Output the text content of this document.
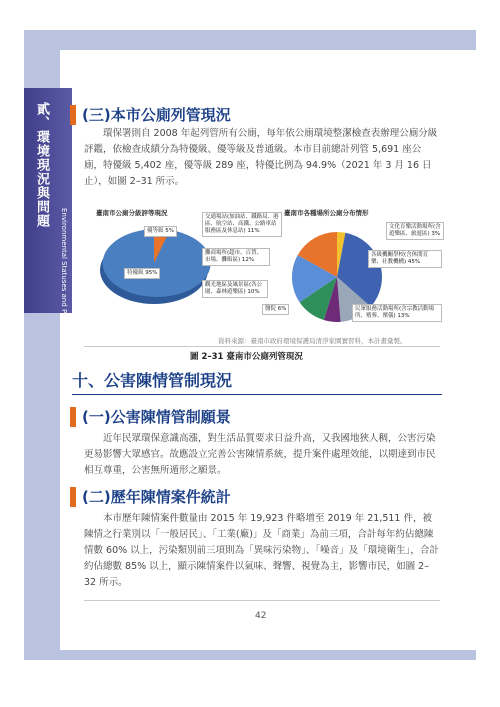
貳、環境現況與問題
Environmental Statuses and Problems
(三)本市公廁列管現況
環保署則自 2008 年起列管所有公廁，每年依公廁環境整潔檢查表辦理公廁分級評鑑，依檢查成績分為特優級、優等級及普通級。本市目前總計列管 5,691 座公廁，特優級 5,402 座，優等級 289 座，特優比例為 94.9%（2021 年 3 月 16 日止），如圖 2–31 所示。
臺南市公廁分級評等現況
特優級 95%
優等級 5%
臺南市各種場所公廁分布情形
文化育樂活動場所(含遊樂區、旅遊區) 3%
各級機關學校(含休閒育樂、社教機構) 45%
民眾服務活動場所(含宗教活動場所、殯葬、殯儀) 13%
醫院 6%
觀光地區及風景區(各公園、森林遊樂區) 10%
攤商場所(超市、百貨、市場、攤販區) 12%
交通場站(加油站、鐵路局、港區、航空站、高鐵、公路車站服務區及休息站) 11%
資料來源：臺南市政府環境保護局清淨家園實習科，本計畫彙製。
圖 2–31 臺南市公廁列管現況
十、公害陳情管制現況
(一)公害陳情管制願景
近年民眾環保意識高漲，對生活品質要求日益升高，又我國地狹人稠，公害污染更易影響大眾感官。故應設立完善公害陳情系統，提升案件處理效能，以期達到市民相互尊重，公害無所遁形之願景。
(二)歷年陳情案件統計
本市歷年陳情案件數量由 2015 年 19,923 件略增至 2019 年 21,511 件，被陳情之行業別以「一般居民」、「工業(廠)」及「商業」為前三項，合計每年約佔總陳情數 60% 以上，污染類別前三項則為「異味污染物」、「噪音」及「環境衛生」，合計約佔總數 85% 以上，顯示陳情案件以氣味、聲響、視覺為主，影響市民，如圖 2–32 所示。
42
